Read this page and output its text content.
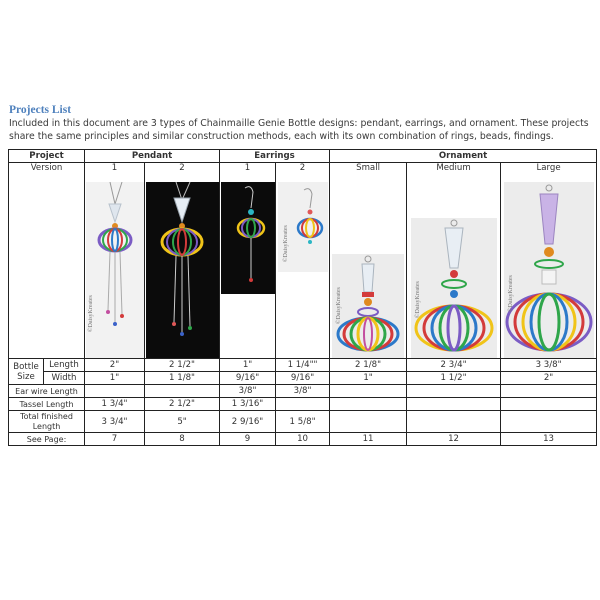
Projects List
Included in this document are 3 types of Chainmaille Genie Bottle designs: pendant, earrings, and ornament. These projects share the same principles and similar construction methods, each with its own combination of rings, beads, findings.
Project		Pendant		Earrings		Ornament		
Version		1	2	1	2	Small	Medium	Large

©DaisyKreates			©DaisyKreates	©DaisyKreates	©DaisyKreates	©DaisyKreates

Bottle
Size	Length	2"	2 1/2"	1"	1 1/4""	2 1/8"	2 3/4"	3 3/8"
	Width	1"	1 1/8"	9/16"	9/16"	1"	1 1/2"	2"
Ear wire Length				3/8"	3/8"			
Tassel Length		1 3/4"	2 1/2"	1 3/16"				
Total finished Length		3 3/4"	5"	2 9/16"	1 5/8"			
See Page:		7	8	9	10	11	12	13
